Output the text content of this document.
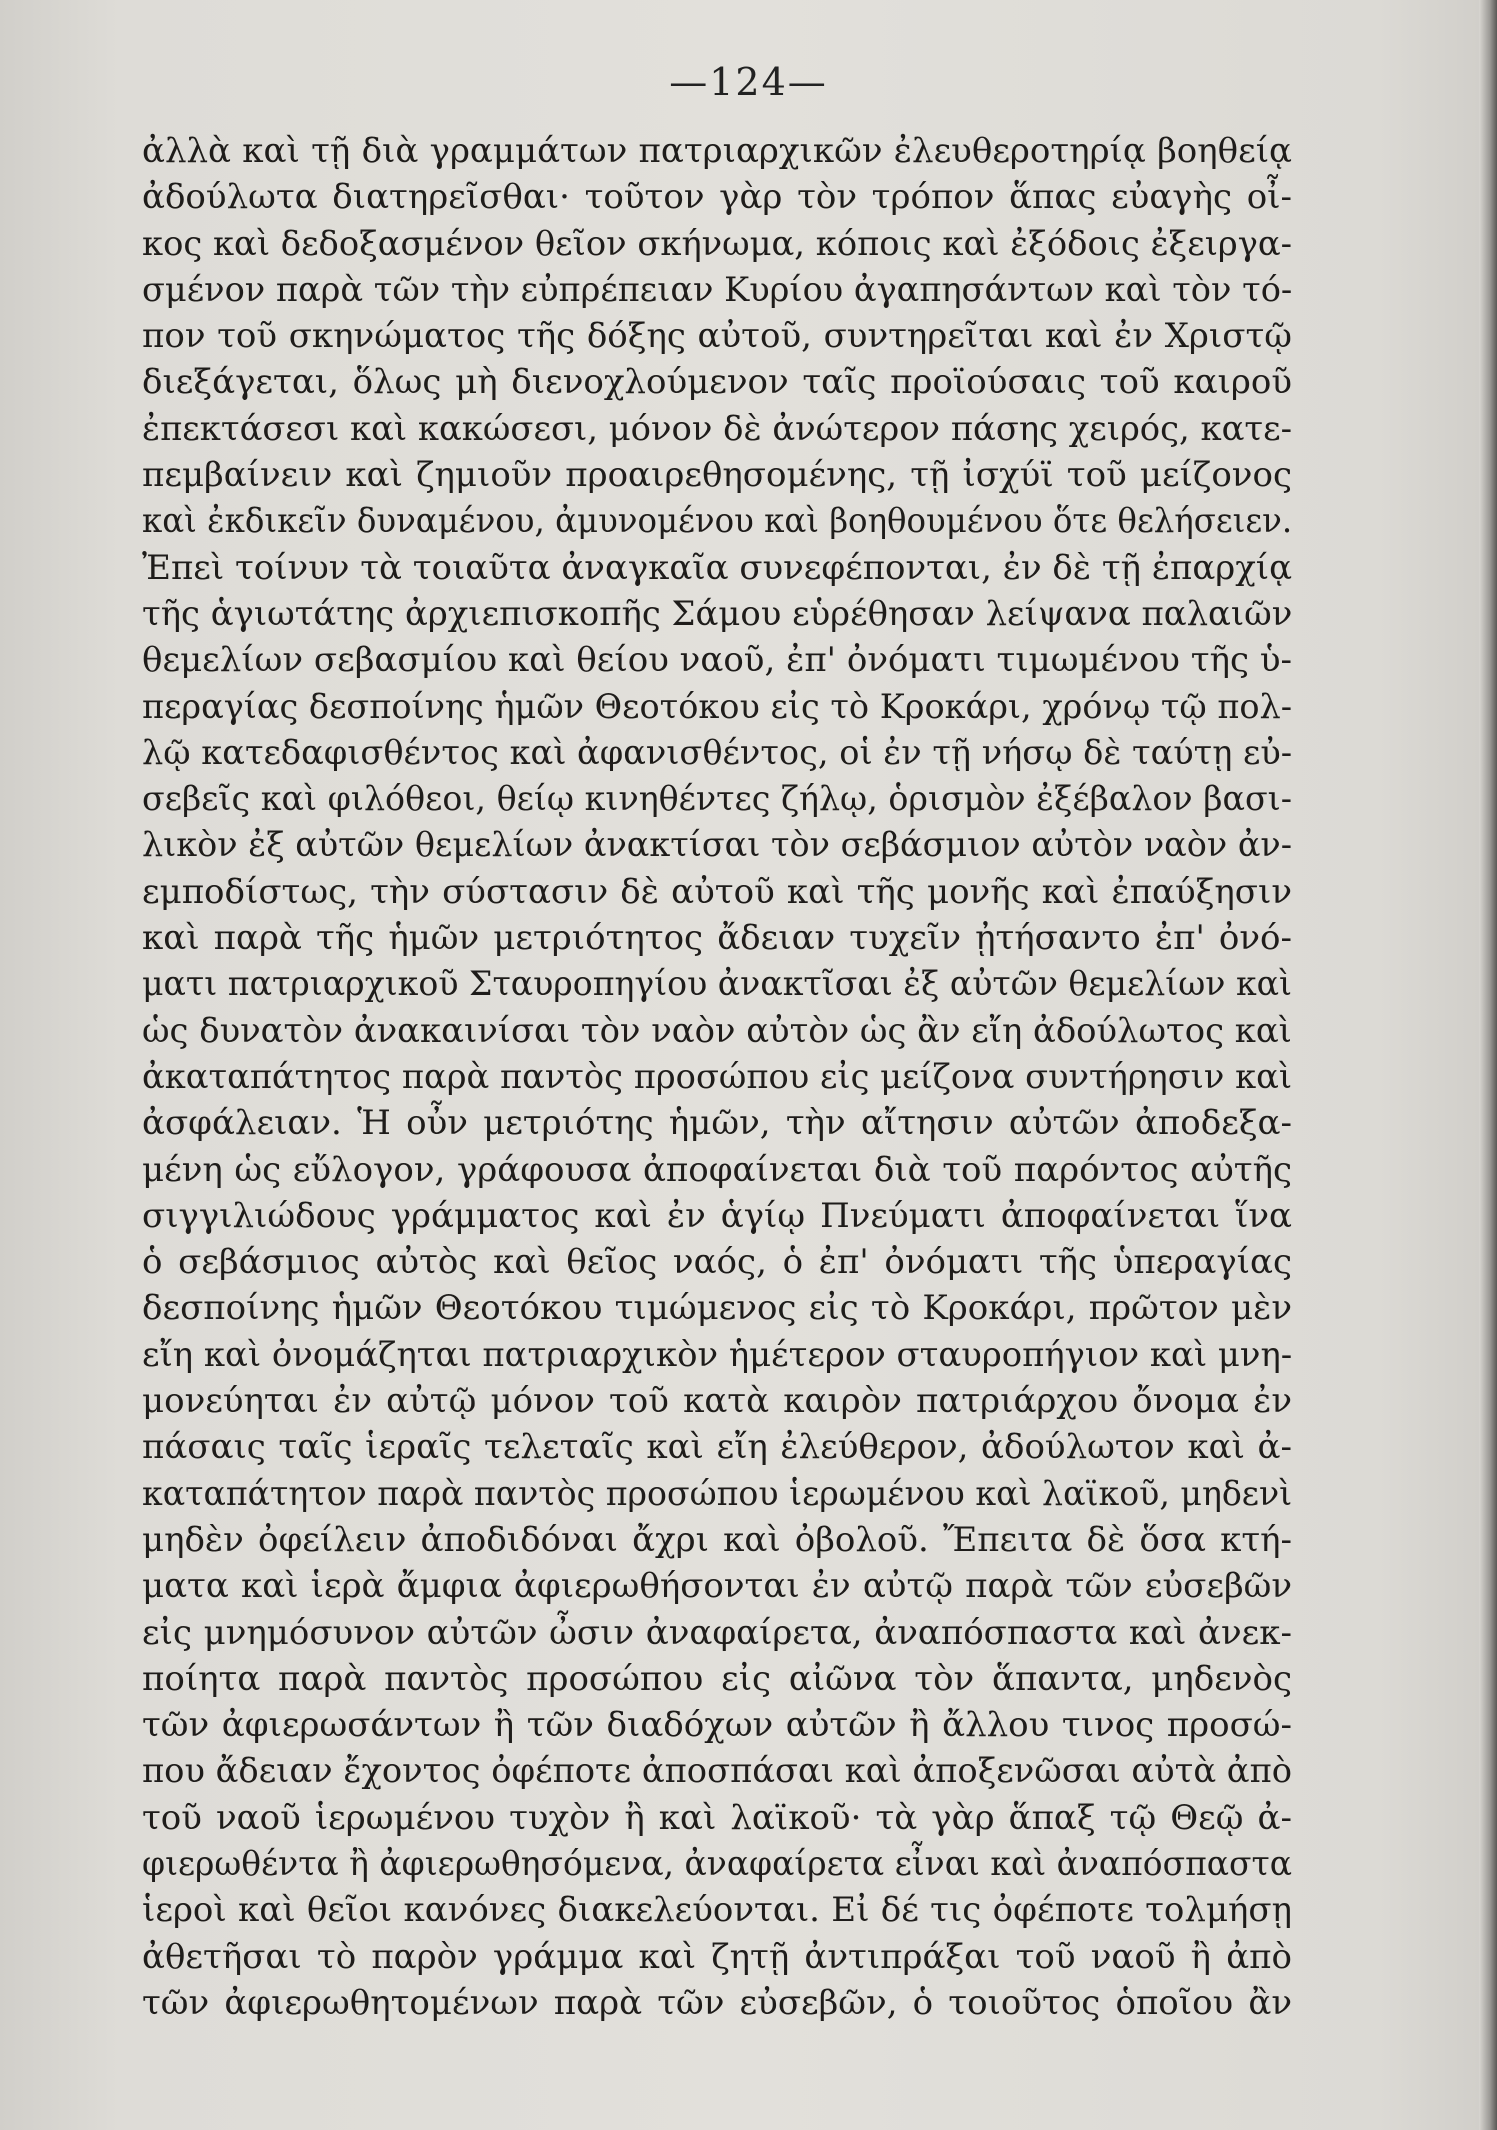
—124—
ἀλλὰ καὶ τῇ διὰ γραμμάτων πατριαρχικῶν ἐλευθεροτηρίᾳ βοηθείᾳ
ἀδούλωτα διατηρεῖσθαι· τοῦτον γὰρ τὸν τρόπον ἅπας εὐαγὴς οἶ-
κος καὶ δεδοξασμένον θεῖον σκήνωμα, κόποις καὶ ἐξόδοις ἐξειργα-
σμένον παρὰ τῶν τὴν εὐπρέπειαν Κυρίου ἀγαπησάντων καὶ τὸν τό-
πον τοῦ σκηνώματος τῆς δόξης αὐτοῦ, συντηρεῖται καὶ ἐν Χριστῷ
διεξάγεται, ὅλως μὴ διενοχλούμενον ταῖς προϊούσαις τοῦ καιροῦ
ἐπεκτάσεσι καὶ κακώσεσι, μόνον δὲ ἀνώτερον πάσης χειρός, κατε-
πεμβαίνειν καὶ ζημιοῦν προαιρεθησομένης, τῇ ἰσχύϊ τοῦ μείζονος
καὶ ἐκδικεῖν δυναμένου, ἀμυνομένου καὶ βοηθουμένου ὅτε θελήσειεν.
Ἐπεὶ τοίνυν τὰ τοιαῦτα ἀναγκαῖα συνεφέπονται, ἐν δὲ τῇ ἐπαρχίᾳ
τῆς ἁγιωτάτης ἀρχιεπισκοπῆς Σάμου εὑρέθησαν λείψανα παλαιῶν
θεμελίων σεβασμίου καὶ θείου ναοῦ, ἐπ' ὀνόματι τιμωμένου τῆς ὑ-
περαγίας δεσποίνης ἡμῶν Θεοτόκου εἰς τὸ Κροκάρι, χρόνῳ τῷ πολ-
λῷ κατεδαφισθέντος καὶ ἀφανισθέντος, οἱ ἐν τῇ νήσῳ δὲ ταύτῃ εὐ-
σεβεῖς καὶ φιλόθεοι, θείῳ κινηθέντες ζήλῳ, ὁρισμὸν ἐξέβαλον βασι-
λικὸν ἐξ αὐτῶν θεμελίων ἀνακτίσαι τὸν σεβάσμιον αὐτὸν ναὸν ἀν-
εμποδίστως, τὴν σύστασιν δὲ αὐτοῦ καὶ τῆς μονῆς καὶ ἐπαύξησιν
καὶ παρὰ τῆς ἡμῶν μετριότητος ἄδειαν τυχεῖν ᾐτήσαντο ἐπ' ὀνό-
ματι πατριαρχικοῦ Σταυροπηγίου ἀνακτῖσαι ἐξ αὐτῶν θεμελίων καὶ
ὡς δυνατὸν ἀνακαινίσαι τὸν ναὸν αὐτὸν ὡς ἂν εἴη ἀδούλωτος καὶ
ἀκαταπάτητος παρὰ παντὸς προσώπου εἰς μείζονα συντήρησιν καὶ
ἀσφάλειαν. Ἡ οὖν μετριότης ἡμῶν, τὴν αἴτησιν αὐτῶν ἀποδεξα-
μένη ὡς εὔλογον, γράφουσα ἀποφαίνεται διὰ τοῦ παρόντος αὐτῆς
σιγγιλιώδους γράμματος καὶ ἐν ἁγίῳ Πνεύματι ἀποφαίνεται ἵνα
ὁ σεβάσμιος αὐτὸς καὶ θεῖος ναός, ὁ ἐπ' ὀνόματι τῆς ὑπεραγίας
δεσποίνης ἡμῶν Θεοτόκου τιμώμενος εἰς τὸ Κροκάρι, πρῶτον μὲν
εἴη καὶ ὀνομάζηται πατριαρχικὸν ἡμέτερον σταυροπήγιον καὶ μνη-
μονεύηται ἐν αὐτῷ μόνον τοῦ κατὰ καιρὸν πατριάρχου ὄνομα ἐν
πάσαις ταῖς ἱεραῖς τελεταῖς καὶ εἴη ἐλεύθερον, ἀδούλωτον καὶ ἀ-
καταπάτητον παρὰ παντὸς προσώπου ἱερωμένου καὶ λαϊκοῦ, μηδενὶ
μηδὲν ὀφείλειν ἀποδιδόναι ἄχρι καὶ ὀβολοῦ. Ἔπειτα δὲ ὅσα κτή-
ματα καὶ ἱερὰ ἄμφια ἀφιερωθήσονται ἐν αὐτῷ παρὰ τῶν εὐσεβῶν
εἰς μνημόσυνον αὐτῶν ὦσιν ἀναφαίρετα, ἀναπόσπαστα καὶ ἀνεκ-
ποίητα παρὰ παντὸς προσώπου εἰς αἰῶνα τὸν ἅπαντα, μηδενὸς
τῶν ἀφιερωσάντων ἢ τῶν διαδόχων αὐτῶν ἢ ἄλλου τινος προσώ-
που ἄδειαν ἔχοντος ὀφέποτε ἀποσπάσαι καὶ ἀποξενῶσαι αὐτὰ ἀπὸ
τοῦ ναοῦ ἱερωμένου τυχὸν ἢ καὶ λαϊκοῦ· τὰ γὰρ ἅπαξ τῷ Θεῷ ἀ-
φιερωθέντα ἢ ἀφιερωθησόμενα, ἀναφαίρετα εἶναι καὶ ἀναπόσπαστα
ἱεροὶ καὶ θεῖοι κανόνες διακελεύονται. Εἰ δέ τις ὀφέποτε τολμήσῃ
ἀθετῆσαι τὸ παρὸν γράμμα καὶ ζητῇ ἀντιπράξαι τοῦ ναοῦ ἢ ἀπὸ
τῶν ἀφιερωθητομένων παρὰ τῶν εὐσεβῶν, ὁ τοιοῦτος ὁποῖου ἂν
